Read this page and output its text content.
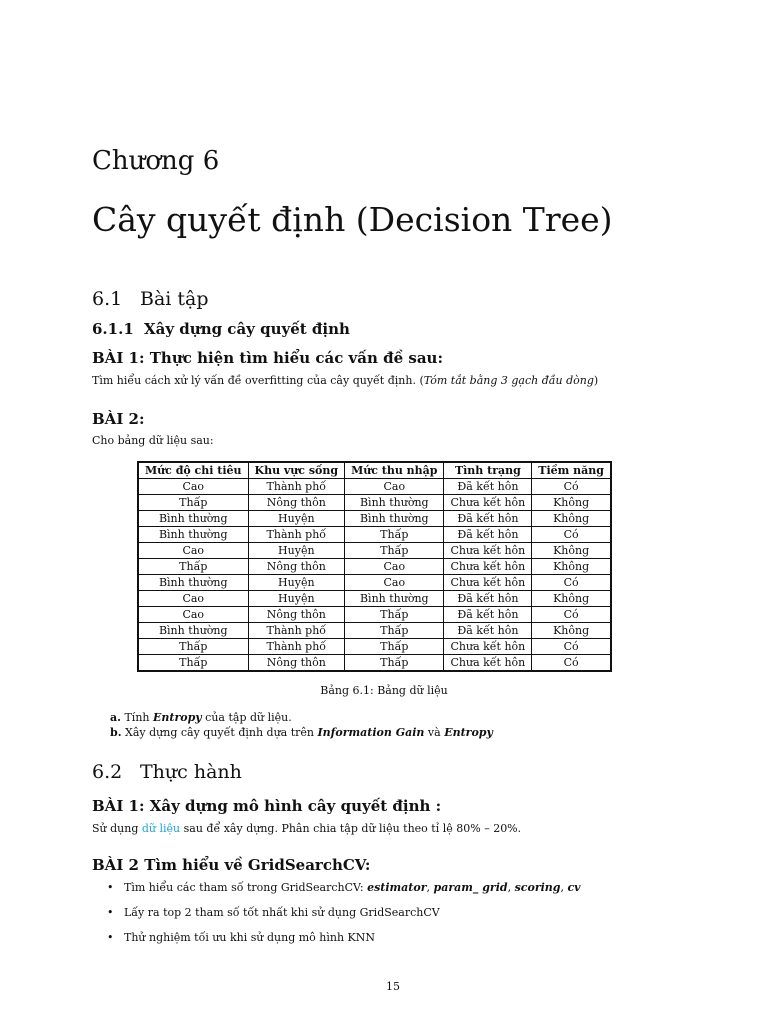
Chương 6
Cây quyết định (Decision Tree)
6.1 Bài tập
6.1.1 Xây dựng cây quyết định
BÀI 1: Thực hiện tìm hiểu các vấn đề sau:
Tìm hiểu cách xử lý vấn đề overfitting của cây quyết định. (Tóm tắt bằng 3 gạch đầu dòng)
BÀI 2:
Cho bảng dữ liệu sau:
Mức độ chi tiêu	Khu vực sống	Mức thu nhập	Tình trạng	Tiềm năng
Cao	Thành phố	Cao	Đã kết hôn	Có
Thấp	Nông thôn	Bình thường	Chưa kết hôn	Không
Bình thường	Huyện	Bình thường	Đã kết hôn	Không
Bình thường	Thành phố	Thấp	Đã kết hôn	Có
Cao	Huyện	Thấp	Chưa kết hôn	Không
Thấp	Nông thôn	Cao	Chưa kết hôn	Không
Bình thường	Huyện	Cao	Chưa kết hôn	Có
Cao	Huyện	Bình thường	Đã kết hôn	Không
Cao	Nông thôn	Thấp	Đã kết hôn	Có
Bình thường	Thành phố	Thấp	Đã kết hôn	Không
Thấp	Thành phố	Thấp	Chưa kết hôn	Có
Thấp	Nông thôn	Thấp	Chưa kết hôn	Có
Bảng 6.1: Bảng dữ liệu
a. Tính Entropy của tập dữ liệu.
b. Xây dựng cây quyết định dựa trên Information Gain và Entropy
6.2 Thực hành
BÀI 1: Xây dựng mô hình cây quyết định :
Sử dụng dữ liệu sau để xây dựng. Phân chia tập dữ liệu theo tỉ lệ 80% – 20%.
BÀI 2 Tìm hiểu về GridSearchCV:
• Tìm hiểu các tham số trong GridSearchCV: estimator, param_ grid, scoring, cv
• Lấy ra top 2 tham số tốt nhất khi sử dụng GridSearchCV
• Thử nghiệm tối ưu khi sử dụng mô hình KNN
15
